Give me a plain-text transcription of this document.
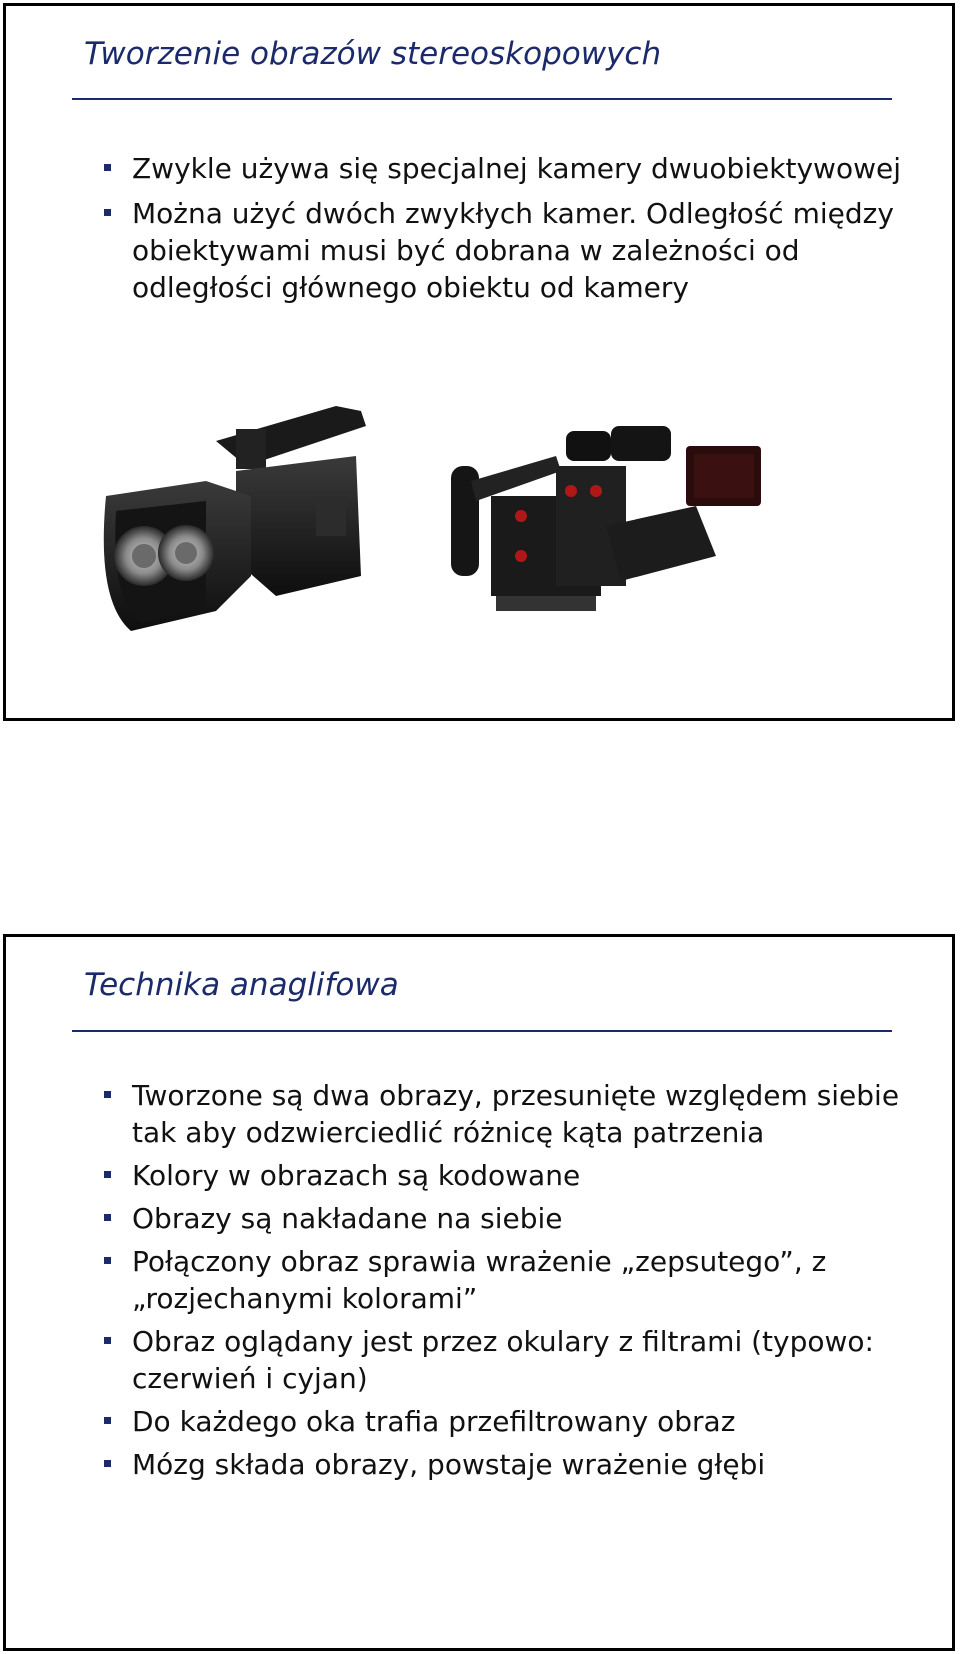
Tworzenie obrazów stereoskopowych
Zwykle używa się specjalnej kamery dwuobiektywowej
Można użyć dwóch zwykłych kamer. Odległość między obiektywami musi być dobrana w zależności od odległości głównego obiektu od kamery
Technika anaglifowa
Tworzone są dwa obrazy, przesunięte względem siebie tak aby odzwierciedlić różnicę kąta patrzenia
Kolory w obrazach są kodowane
Obrazy są nakładane na siebie
Połączony obraz sprawia wrażenie „zepsutego”, z „rozjechanymi kolorami”
Obraz oglądany jest przez okulary z filtrami (typowo: czerwień i cyjan)
Do każdego oka trafia przefiltrowany obraz
Mózg składa obrazy, powstaje wrażenie głębi
